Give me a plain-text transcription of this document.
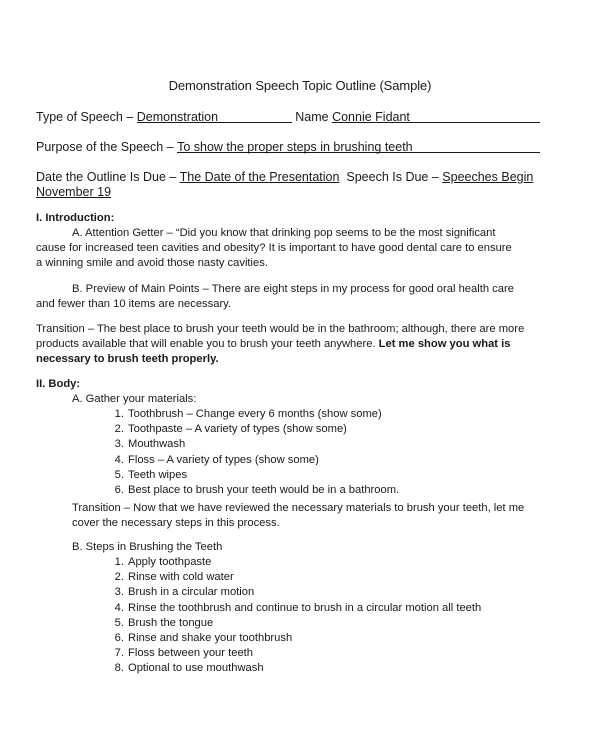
Demonstration Speech Topic Outline (Sample)
Type of Speech – Demonstration	Name Connie Fidant
Purpose of the Speech – To show the proper steps in brushing teeth
Date the Outline Is Due – The Date of the Presentation  Speech Is Due – Speeches Begin
November 19
I. Introduction:
A. Attention Getter – “Did you know that drinking pop seems to be the most significant
cause for increased teen cavities and obesity? It is important to have good dental care to ensure
a winning smile and avoid those nasty cavities.
B. Preview of Main Points – There are eight steps in my process for good oral health care
and fewer than 10 items are necessary.
Transition – The best place to brush your teeth would be in the bathroom; although, there are more
products available that will enable you to brush your teeth anywhere. Let me show you what is
necessary to brush teeth properly.
II. Body:
A. Gather your materials:
1. Toothbrush – Change every 6 months (show some)
2. Toothpaste – A variety of types (show some)
3. Mouthwash
4. Floss – A variety of types (show some)
5. Teeth wipes
6. Best place to brush your teeth would be in a bathroom.
Transition – Now that we have reviewed the necessary materials to brush your teeth, let me
cover the necessary steps in this process.
B. Steps in Brushing the Teeth
1. Apply toothpaste
2. Rinse with cold water
3. Brush in a circular motion
4. Rinse the toothbrush and continue to brush in a circular motion all teeth
5. Brush the tongue
6. Rinse and shake your toothbrush
7. Floss between your teeth
8. Optional to use mouthwash
